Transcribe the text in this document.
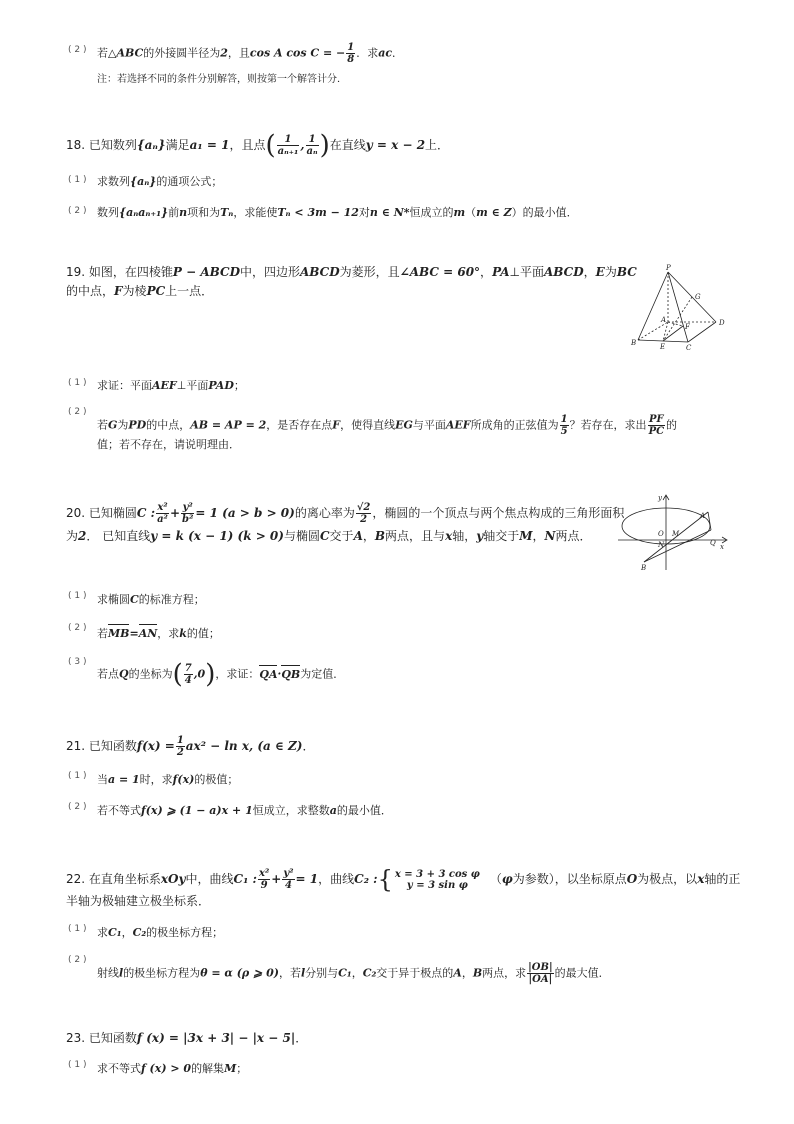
( 2 ) 若△ABC的外接圆半径为2，且cos A cos C = − $\frac{1}{8}$ ．求ac．
注：若选择不同的条件分别解答，则按第一个解答计分．
18. 已知数列{aₙ}满足a₁ = 1，且点( $\frac{1}{\text{aₙ₊₁}}$ , $\frac{1}{\text{aₙ}}$ )在直线y = x − 2上．
( 1 ) 求数列{aₙ}的通项公式；
( 2 ) 数列{aₙaₙ₊₁}前n项和为Tₙ，求能使Tₙ < 3m − 12对n ∈ N*恒成立的m（m ∈ Z）的最小值．
19. 如图，在四棱锥P − ABCD中，四边形ABCD为菱形，且∠ABC = 60°，PA⊥平面ABCD，E为BC
的中点，F为棱PC上一点．
P
G
A	D
F
B	E	C
( 1 ) 求证：平面AEF⊥平面PAD；
( 2 )
若G为PD的中点，AB = AP = 2，是否存在点F，使得直线EG与平面AEF所成角的正弦值为 $\frac{1}{5}$ ？若存在，求出 $\frac{PF}{PC}$ 的
值；若不存在，请说明理由．
20. 已知椭圆C : $\frac{\text{x²}}{\text{a²}} + \frac{\text{y²}}{\text{b²}} = 1$ (a > b > 0)的离心率为 $\frac{√2}{2}$ ，椭圆的一个顶点与两个焦点构成的三角形面积
为2． 已知直线y = k (x − 1) (k > 0)与椭圆C交于A，B两点，且与x轴，y轴交于M，N两点．
y
A
O M
N	Q x
B
( 1 ) 求椭圆C的标准方程；
( 2 ) 若MB=AN，求k的值；
( 3 )
若点Q的坐标为( $\frac{7}{4} ,0$)，求证：QA·QB为定值．
21. 已知函数$f(x) = \frac{1}{2} ax^2 - \ln x$, (a ∈ Z)．
( 1 ) 当a = 1时，求f(x)的极值；
( 2 ) 若不等式f(x) ⩾ (1 − a)x + 1恒成立，求整数a的最小值．
22. 在直角坐标系xOy中，曲线C₁ : $\frac{\text{x²}}{9} + \frac{\text{y²}}{4} = 1$，曲线C₂ :{ x = 3 + 3 cos φ
y = 3 sin φ	（φ为参数），以坐标原点O为极点，以x轴的正
半轴为极轴建立极坐标系．
( 1 ) 求C₁，C₂的极坐标方程；
( 2 )
射线l的极坐标方程为θ = α (ρ ⩾ 0)，若l分别与C₁，C₂交于异于极点的A，B两点，求 $\frac{|OB|}{|OA|}$ 的最大值．
23. 已知函数f (x) = |3x + 3| − |x − 5|．
( 1 ) 求不等式f (x) > 0的解集M；
